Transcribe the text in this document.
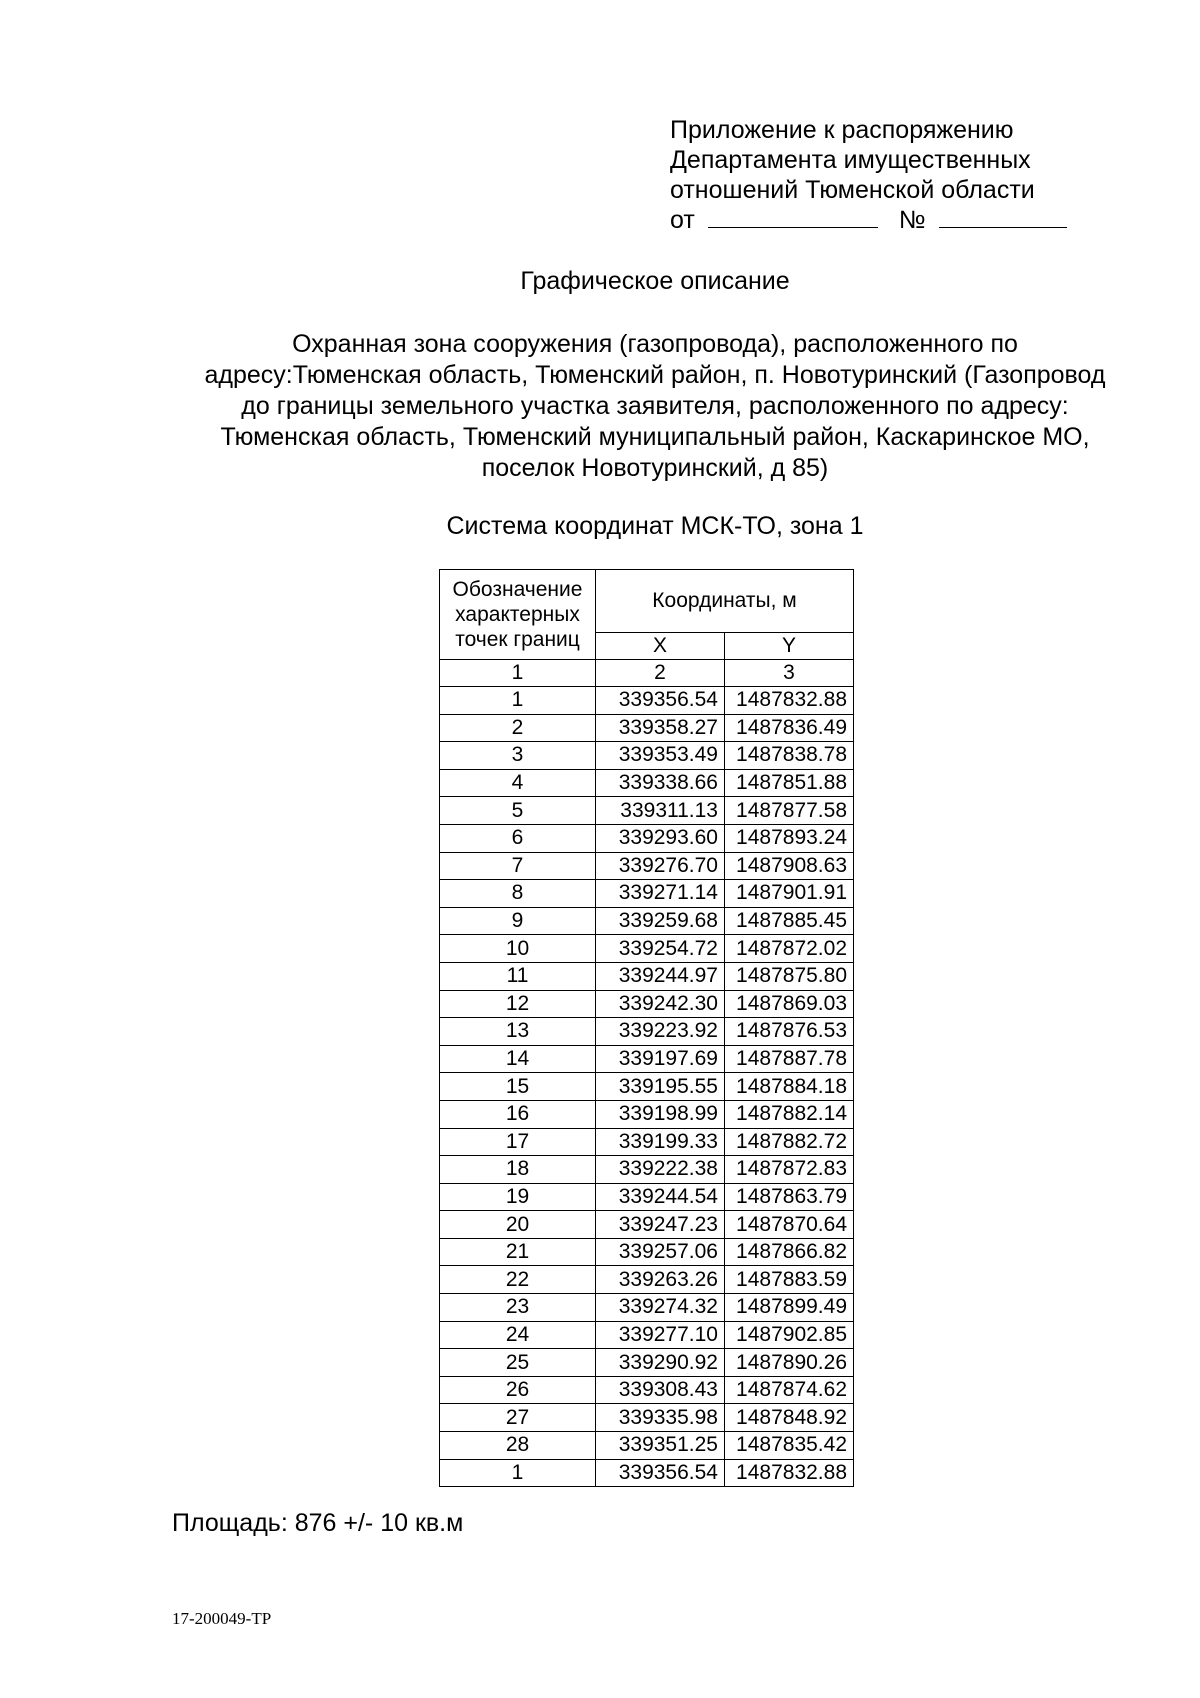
Приложение к распоряжению
Департамента имущественных
отношений Тюменской области
от	№
Графическое описание
Охранная зона сооружения (газопровода), расположенного по
адресу:Тюменская область, Тюменский район, п. Новотуринский (Газопровод
до границы земельного участка заявителя, расположенного по адресу:
Тюменская область, Тюменский муниципальный район, Каскаринское МО,
поселок Новотуринский, д 85)
Система координат МСК-ТО, зона 1
Обозначение характерных точек границ	Координаты, м	
	X	Y
1	2	3
1	339356.54	1487832.88
2	339358.27	1487836.49
3	339353.49	1487838.78
4	339338.66	1487851.88
5	339311.13	1487877.58
6	339293.60	1487893.24
7	339276.70	1487908.63
8	339271.14	1487901.91
9	339259.68	1487885.45
10	339254.72	1487872.02
11	339244.97	1487875.80
12	339242.30	1487869.03
13	339223.92	1487876.53
14	339197.69	1487887.78
15	339195.55	1487884.18
16	339198.99	1487882.14
17	339199.33	1487882.72
18	339222.38	1487872.83
19	339244.54	1487863.79
20	339247.23	1487870.64
21	339257.06	1487866.82
22	339263.26	1487883.59
23	339274.32	1487899.49
24	339277.10	1487902.85
25	339290.92	1487890.26
26	339308.43	1487874.62
27	339335.98	1487848.92
28	339351.25	1487835.42
1	339356.54	1487832.88
Площадь: 876 +/- 10 кв.м
17-200049-ТР
